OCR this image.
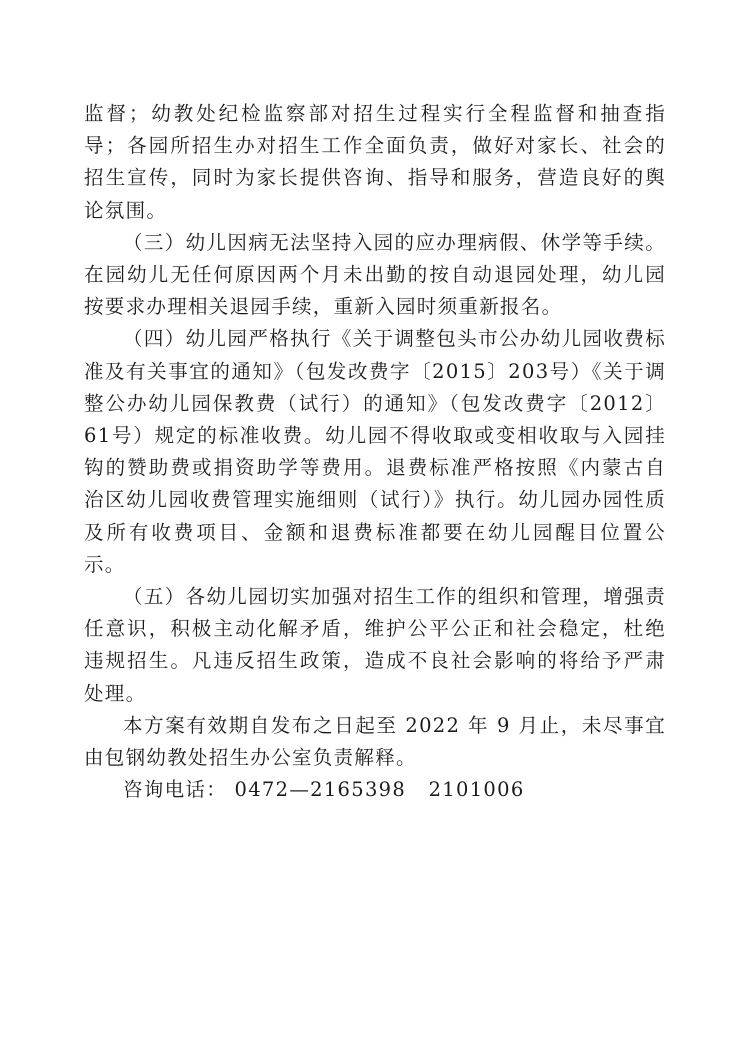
监督；幼教处纪检监察部对招生过程实行全程监督和抽查指导；各园所招生办对招生工作全面负责，做好对家长、社会的招生宣传，同时为家长提供咨询、指导和服务，营造良好的舆论氛围。

（三）幼儿因病无法坚持入园的应办理病假、休学等手续。在园幼儿无任何原因两个月未出勤的按自动退园处理，幼儿园按要求办理相关退园手续，重新入园时须重新报名。

（四）幼儿园严格执行《关于调整包头市公办幼儿园收费标准及有关事宜的通知》（包发改费字〔2015〕203号）《关于调整公办幼儿园保教费（试行）的通知》（包发改费字〔2012〕61号）规定的标准收费。幼儿园不得收取或变相收取与入园挂钩的赞助费或捐资助学等费用。退费标准严格按照《内蒙古自治区幼儿园收费管理实施细则（试行）》执行。幼儿园办园性质及所有收费项目、金额和退费标准都要在幼儿园醒目位置公示。

（五）各幼儿园切实加强对招生工作的组织和管理，增强责任意识，积极主动化解矛盾，维护公平公正和社会稳定，杜绝违规招生。凡违反招生政策，造成不良社会影响的将给予严肃处理。

本方案有效期自发布之日起至 2022 年 9 月止，未尽事宜由包钢幼教处招生办公室负责解释。

咨询电话： 0472—2165398 2101006
